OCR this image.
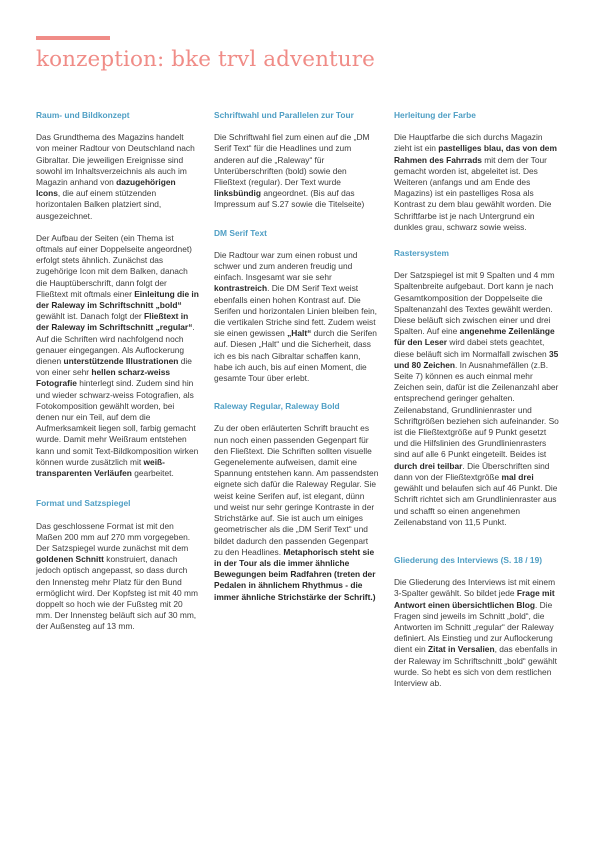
konzeption: bke trvl adventure
Raum- und Bildkonzept

Das Grundthema des Magazins handelt von meiner Radtour von Deutschland nach Gibraltar. Die jeweiligen Ereignisse sind sowohl im Inhaltsverzeichnis als auch im Magazin anhand von dazugehörigen Icons, die auf einem stützenden horizontalen Balken platziert sind, ausgezeichnet.

Der Aufbau der Seiten (ein Thema ist oftmals auf einer Doppelseite angeordnet) erfolgt stets ähnlich. Zunächst das zugehörige Icon mit dem Balken, danach die Hauptüberschrift, dann folgt der Fließtext mit oftmals einer Einleitung die in der Raleway im Schriftschnitt „bold“ gewählt ist. Danach folgt der Fließtext in der Raleway im Schriftschnitt „regular“. Auf die Schriften wird nachfolgend noch genauer eingegangen. Als Auflockerung dienen unterstützende Illustrationen die von einer sehr hellen scharz-weiss Fotografie hinterlegt sind. Zudem sind hin und wieder schwarz-weiss Fotografien, als Fotokomposition gewählt worden, bei denen nur ein Teil, auf dem die Aufmerksamkeit liegen soll, farbig gemacht wurde. Damit mehr Weißraum entstehen kann und somit Text-Bildkomposition wirken können wurde zusätzlich mit weiß-transparenten Verläufen gearbeitet.

Format und Satzspiegel

Das geschlossene Format ist mit den Maßen 200 mm auf 270 mm vorgegeben. Der Satzspiegel wurde zunächst mit dem goldenen Schnitt konstruiert, danach jedoch optisch angepasst, so dass durch den Innensteg mehr Platz für den Bund ermöglicht wird. Der Kopfsteg ist mit 40 mm doppelt so hoch wie der Fußsteg mit 20 mm. Der Innensteg beläuft sich auf 30 mm, der Außensteg auf 13 mm.

Schriftwahl und Parallelen zur Tour

Die Schriftwahl fiel zum einen auf die „DM Serif Text“ für die Headlines und zum anderen auf die „Raleway“ für Unterüberschriften (bold) sowie den Fließtext (regular). Der Text wurde linksbündig angeordnet. (Bis auf das Impressum auf S.27 sowie die Titelseite)

DM Serif Text

Die Radtour war zum einen robust und schwer und zum anderen freudig und einfach. Insgesamt war sie sehr kontrastreich. Die DM Serif Text weist ebenfalls einen hohen Kontrast auf. Die Serifen und horizontalen Linien bleiben fein, die vertikalen Striche sind fett. Zudem weist sie einen gewissen „Halt“ durch die Serifen auf. Diesen „Halt“ und die Sicherheit, dass ich es bis nach Gibraltar schaffen kann, habe ich auch, bis auf einen Moment, die gesamte Tour über erlebt.

Raleway Regular, Raleway Bold

Zu der oben erläuterten Schrift braucht es nun noch einen passenden Gegenpart für den Fließtext. Die Schriften sollten visuelle Gegenelemente aufweisen, damit eine Spannung entstehen kann. Am passendsten eignete sich dafür die Raleway Regular. Sie weist keine Serifen auf, ist elegant, dünn und weist nur sehr geringe Kontraste in der Strichstärke auf. Sie ist auch um einiges geometrischer als die „DM Serif Text“ und bildet dadurch den passenden Gegenpart zu den Headlines. Metaphorisch steht sie in der Tour als die immer ähnliche Bewegungen beim Radfahren (treten der Pedalen in ähnlichem Rhythmus - die immer ähnliche Strichstärke der Schrift.)

Herleitung der Farbe

Die Hauptfarbe die sich durchs Magazin zieht ist ein pastelliges blau, das von dem Rahmen des Fahrrads mit dem der Tour gemacht worden ist, abgeleitet ist. Des Weiteren (anfangs und am Ende des Magazins) ist ein pastelliges Rosa als Kontrast zu dem blau gewählt worden. Die Schriftfarbe ist je nach Untergrund ein dunkles grau, schwarz sowie weiss.

Rastersystem

Der Satzspiegel ist mit 9 Spalten und 4 mm Spaltenbreite aufgebaut. Dort kann je nach Gesamtkomposition der Doppelseite die Spaltenanzahl des Textes gewählt werden. Diese beläuft sich zwischen einer und drei Spalten. Auf eine angenehme Zeilenlänge für den Leser wird dabei stets geachtet, diese beläuft sich im Normalfall zwischen 35 und 80 Zeichen. In Ausnahmefällen (z.B. Seite 7) können es auch einmal mehr Zeichen sein, dafür ist die Zeilenanzahl aber entsprechend geringer gehalten. Zeilenabstand, Grundlinienraster und Schriftgrößen beziehen sich aufeinander. So ist die Fließtextgröße auf 9 Punkt gesetzt und die Hilfslinien des Grundlinienrasters sind auf alle 6 Punkt eingeteilt. Beides ist durch drei teilbar. Die Überschriften sind dann von der Fließtextgröße mal drei gewählt und belaufen sich auf 46 Punkt. Die Schrift richtet sich am Grundlinienraster aus und schafft so einen angenehmen Zeilenabstand von 11,5 Punkt.

Gliederung des Interviews (S. 18 / 19)

Die Gliederung des Interviews ist mit einem 3-Spalter gewählt. So bildet jede Frage mit Antwort einen übersichtlichen Blog. Die Fragen sind jeweils im Schnitt „bold“, die Antworten im Schnitt „regular“ der Raleway definiert. Als Einstieg und zur Auflockerung dient ein Zitat in Versalien, das ebenfalls in der Raleway im Schriftschnitt „bold“ gewählt wurde. So hebt es sich von dem restlichen Interview ab.
